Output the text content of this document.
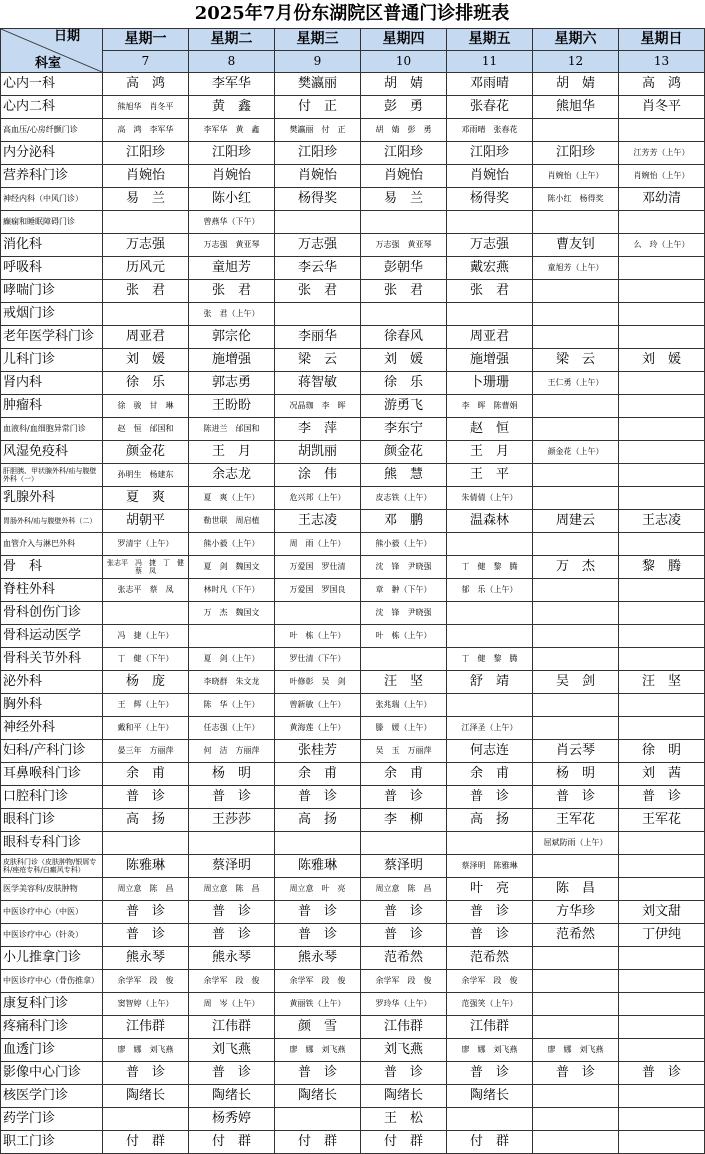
2025年7月份东湖院区普通门诊排班表
日期
科室	星期一	星期二	星期三	星期四	星期五	星期六	星期日
	7	8	9	10	11	12	13
心内一科	高　鸿	李军华	樊瀛丽	胡　婧	邓雨晴	胡　婧	高　鸿
心内二科	熊旭华　肖冬平	黄　鑫	付　正	彭　勇	张春花	熊旭华	肖冬平
高血压/心房纤颤门诊	高　鸿　李军华	李军华　黄　鑫	樊瀛丽　付　正	胡　婧　彭　勇	邓雨晴　张春花		
内分泌科	江阳珍	江阳珍	江阳珍	江阳珍	江阳珍	江阳珍	江芳芳（上午）
营养科门诊	肖婉怡	肖婉怡	肖婉怡	肖婉怡	肖婉怡	肖婉怡（上午）	肖婉怡（上午）
神经内科（中风门诊）	易　兰	陈小红	杨得奖	易　兰	杨得奖	陈小红　杨得奖	邓幼清
癫痫和睡眠障碍门诊		曾燕华（下午）					
消化科	万志强	万志强　黄亚琴	万志强	万志强　黄亚琴	万志强	曹友钊	么　玲（上午）
呼吸科	历风元	童旭芳	李云华	彭朝华	戴宏燕	童旭芳（上午）	
哮喘门诊	张　君	张　君	张　君	张　君	张　君		
戒烟门诊		张　君（上午）					
老年医学科门诊	周亚君	郭宗伦	李丽华	徐春风	周亚君		
儿科门诊	刘　媛	施增强	梁　云	刘　媛	施增强	梁　云	刘　媛
肾内科	徐　乐	郭志勇	蒋智敏	徐　乐	卜珊珊	王仁勇（上午）	
肿瘤科	徐　骏　甘　琳	王盼盼	况晶珈　李　晖	游勇飞	李　晖　陈曹娟		
血液科/血细胞异常门诊	赵　恒　邰国和	陈进兰　邰国和	李　萍	李东宁	赵　恒		
风湿免疫科	颜金花	王　月	胡凯丽	颜金花	王　月	颜金花（上午）	
肝胆胰、甲状腺外科/疝与腹壁外科（一）	孙明生　杨建东	余志龙	涂　伟	熊　慧	王　平		
乳腺外科	夏　爽	夏　爽（上午）	危兴邦（上午）	皮志铁（上午）	朱倩倩（上午）		
胃肠外科/疝与腹壁外科（二）	胡朝平	勒世联　周启植	王志凌	邓　鹏	温森林	周建云	王志凌
血管介入与淋巴外科	罗清宇（上午）	熊小毅（上午）	周　雨（上午）	熊小毅（上午）			
骨　科	张志平　冯　捷　丁　健　蔡　凤	夏　剑　魏国文	万爱国　罗仕清	沈　锋　尹晓强	丁　健　黎　腾	万　杰	黎　腾
脊柱外科	张志平　蔡　凤	林时凡（下午）	万爱国　罗国良	章　翀（下午）	郁　乐（上午）		
骨科创伤门诊		万　杰　魏国文		沈　锋　尹晓强			
骨科运动医学	冯　捷（上午）		叶　栋（上午）	叶　栋（上午）			
骨科关节外科	丁　健（下午）	夏　剑（上午）	罗仕清（下午）		丁　健　黎　腾		
泌外科	杨　庞	李晓群　朱文龙	叶修彰　吴　剑	汪　坚	舒　靖	吴　剑	汪　坚
胸外科	王　辉（上午）	陈　华（上午）	曾新敏（上午）	张兆瑞（上午）			
神经外科	戴和平（上午）	任志强（上午）	黄海莲（上午）	滕　媛（上午）	江泽圣（上午）		
妇科/产科门诊	晏三年　方丽萍	何　洁　方丽萍	张桂芳	吴　玉　万丽萍	何志连	肖云琴	徐　明
耳鼻喉科门诊	余　甫	杨　明	余　甫	余　甫	余　甫	杨　明	刘　茜
口腔科门诊	普　诊	普　诊	普　诊	普　诊	普　诊	普　诊	普　诊
眼科门诊	高　扬	王莎莎	高　扬	李　柳	高　扬	王军花	王军花
眼科专科门诊						屈斌防雨（上午）	
皮肤科门诊（皮肤肿物/银屑专科/痤疮专科/白癜风专科）	陈雅琳	蔡泽明	陈雅琳	蔡泽明	蔡泽明　陈雅琳		
医学美容科/皮肤肿物	周立意　陈　昌	周立意　陈　昌	周立意　叶　亮	周立意　陈　昌	叶　亮	陈　昌	
中医诊疗中心（中医）	普　诊	普　诊	普　诊	普　诊	普　诊	方华珍	刘文甜
中医诊疗中心（针灸）	普　诊	普　诊	普　诊	普　诊	普　诊	范希然	丁伊纯
小儿推拿门诊	熊永琴	熊永琴	熊永琴	范希然	范希然		
中医诊疗中心（骨伤推拿）	余学军　段　俊	余学军　段　俊	余学军　段　俊	余学军　段　俊	余学军　段　俊		
康复科门诊	窦智婷（上午）	周　岑（上午）	黄丽铁（上午）	罗玲华（上午）	范强笑（上午）		
疼痛科门诊	江伟群	江伟群	颜　雪	江伟群	江伟群		
血透门诊	廖　娜　刘飞燕	刘飞燕	廖　娜　刘飞燕	刘飞燕	廖　娜　刘飞燕	廖　娜　刘飞燕	
影像中心门诊	普　诊	普　诊	普　诊	普　诊	普　诊	普　诊	普　诊
核医学门诊	陶绪长	陶绪长	陶绪长	陶绪长	陶绪长		
药学门诊		杨秀婷		王　松			
职工门诊	付　群	付　群	付　群	付　群	付　群		
